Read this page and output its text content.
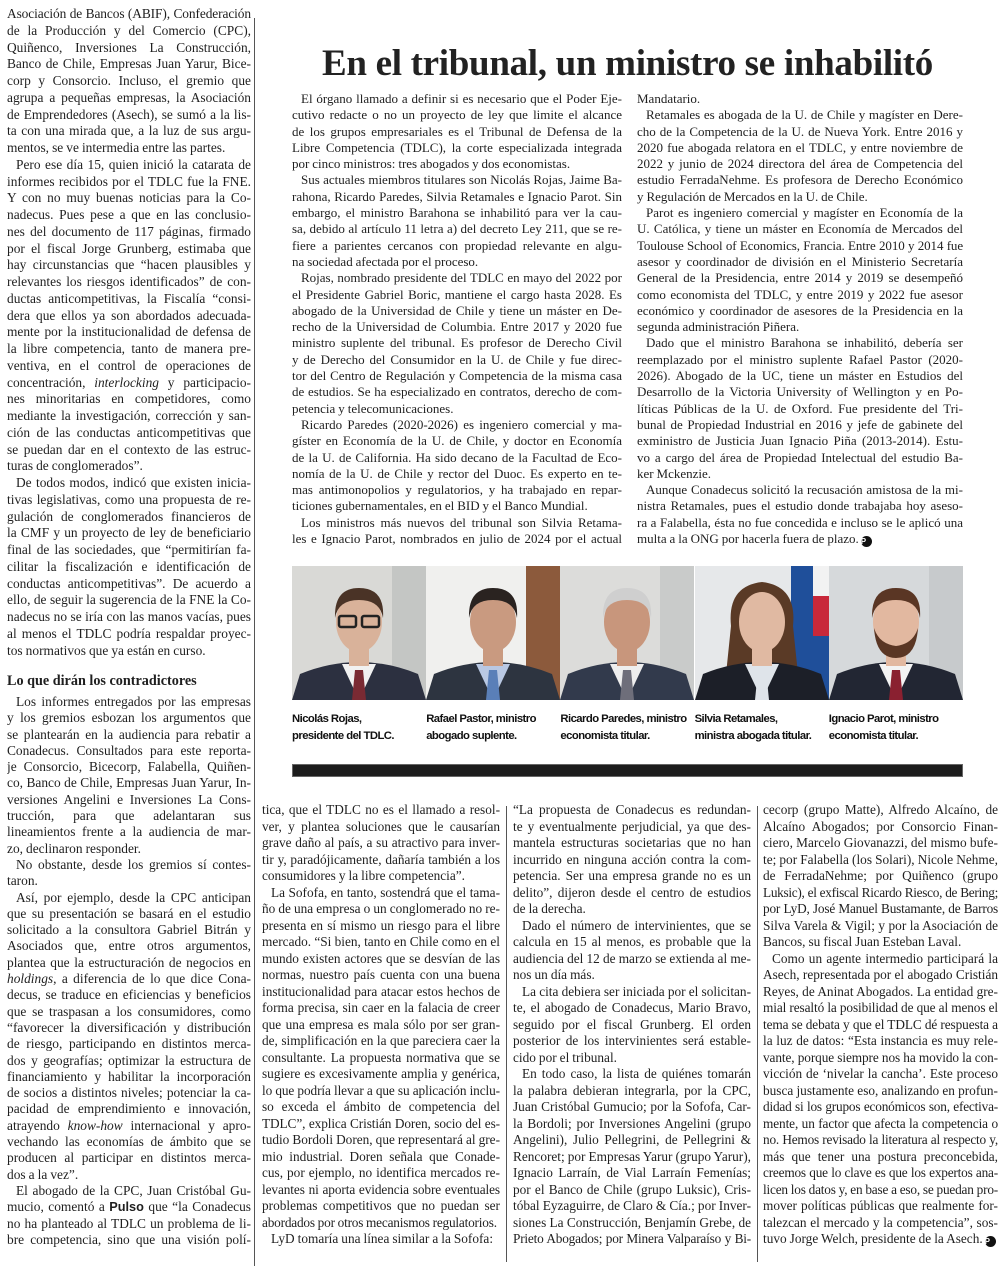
Asociación de Bancos (ABIF), Confederación
de la Producción y del Comercio (CPC),
Quiñenco, Inversiones La Construcción,
Banco de Chile, Empresas Juan Yarur, Bice-
corp y Consorcio. Incluso, el gremio que
agrupa a pequeñas empresas, la Asociación
de Emprendedores (Asech), se sumó a la lis-
ta con una mirada que, a la luz de sus argu-
mentos, se ve intermedia entre las partes.
Pero ese día 15, quien inició la catarata de
informes recibidos por el TDLC fue la FNE.
Y con no muy buenas noticias para la Co-
nadecus. Pues pese a que en las conclusio-
nes del documento de 117 páginas, firmado
por el fiscal Jorge Grunberg, estimaba que
hay circunstancias que “hacen plausibles y
relevantes los riesgos identificados” de con-
ductas anticompetitivas, la Fiscalía “consi-
dera que ellos ya son abordados adecuada-
mente por la institucionalidad de defensa de
la libre competencia, tanto de manera pre-
ventiva, en el control de operaciones de
concentración, interlocking y participacio-
nes minoritarias en competidores, como
mediante la investigación, corrección y san-
ción de las conductas anticompetitivas que
se puedan dar en el contexto de las estruc-
turas de conglomerados”.
De todos modos, indicó que existen inicia-
tivas legislativas, como una propuesta de re-
gulación de conglomerados financieros de
la CMF y un proyecto de ley de beneficiario
final de las sociedades, que “permitirían fa-
cilitar la fiscalización e identificación de
conductas anticompetitivas”. De acuerdo a
ello, de seguir la sugerencia de la FNE la Co-
nadecus no se iría con las manos vacías, pues
al menos el TDLC podría respaldar proyec-
tos normativos que ya están en curso.
Lo que dirán los contradictores
Los informes entregados por las empresas
y los gremios esbozan los argumentos que
se plantearán en la audiencia para rebatir a
Conadecus. Consultados para este reporta-
je Consorcio, Bicecorp, Falabella, Quiñen-
co, Banco de Chile, Empresas Juan Yarur, In-
versiones Angelini e Inversiones La Cons-
trucción, para que adelantaran sus
lineamientos frente a la audiencia de mar-
zo, declinaron responder.
No obstante, desde los gremios sí contes-
taron.
Así, por ejemplo, desde la CPC anticipan
que su presentación se basará en el estudio
solicitado a la consultora Gabriel Bitrán y
Asociados que, entre otros argumentos,
plantea que la estructuración de negocios en
holdings, a diferencia de lo que dice Cona-
decus, se traduce en eficiencias y beneficios
que se traspasan a los consumidores, como
“favorecer la diversificación y distribución
de riesgo, participando en distintos merca-
dos y geografías; optimizar la estructura de
financiamiento y habilitar la incorporación
de socios a distintos niveles; potenciar la ca-
pacidad de emprendimiento e innovación,
atrayendo know-how internacional y apro-
vechando las economías de ámbito que se
producen al participar en distintos merca-
dos a la vez”.
El abogado de la CPC, Juan Cristóbal Gu-
mucio, comentó a Pulso que “la Conadecus
no ha planteado al TDLC un problema de li-
bre competencia, sino que una visión polí-
En el tribunal, un ministro se inhabilitó
El órgano llamado a definir si es necesario que el Poder Eje-
cutivo redacte o no un proyecto de ley que limite el alcance
de los grupos empresariales es el Tribunal de Defensa de la
Libre Competencia (TDLC), la corte especializada integrada
por cinco ministros: tres abogados y dos economistas.
Sus actuales miembros titulares son Nicolás Rojas, Jaime Ba-
rahona, Ricardo Paredes, Silvia Retamales e Ignacio Parot. Sin
embargo, el ministro Barahona se inhabilitó para ver la cau-
sa, debido al artículo 11 letra a) del decreto Ley 211, que se re-
fiere a parientes cercanos con propiedad relevante en algu-
na sociedad afectada por el proceso.
Rojas, nombrado presidente del TDLC en mayo del 2022 por
el Presidente Gabriel Boric, mantiene el cargo hasta 2028. Es
abogado de la Universidad de Chile y tiene un máster en De-
recho de la Universidad de Columbia. Entre 2017 y 2020 fue
ministro suplente del tribunal. Es profesor de Derecho Civil
y de Derecho del Consumidor en la U. de Chile y fue direc-
tor del Centro de Regulación y Competencia de la misma casa
de estudios. Se ha especializado en contratos, derecho de com-
petencia y telecomunicaciones.
Ricardo Paredes (2020-2026) es ingeniero comercial y ma-
gíster en Economía de la U. de Chile, y doctor en Economía
de la U. de California. Ha sido decano de la Facultad de Eco-
nomía de la U. de Chile y rector del Duoc. Es experto en te-
mas antimonopolios y regulatorios, y ha trabajado en repar-
ticiones gubernamentales, en el BID y el Banco Mundial.
Los ministros más nuevos del tribunal son Silvia Retama-
les e Ignacio Parot, nombrados en julio de 2024 por el actual
Mandatario.
Retamales es abogada de la U. de Chile y magíster en Dere-
cho de la Competencia de la U. de Nueva York. Entre 2016 y
2020 fue abogada relatora en el TDLC, y entre noviembre de
2022 y junio de 2024 directora del área de Competencia del
estudio FerradaNehme. Es profesora de Derecho Económico
y Regulación de Mercados en la U. de Chile.
Parot es ingeniero comercial y magíster en Economía de la
U. Católica, y tiene un máster en Economía de Mercados del
Toulouse School of Economics, Francia. Entre 2010 y 2014 fue
asesor y coordinador de división en el Ministerio Secretaría
General de la Presidencia, entre 2014 y 2019 se desempeñó
como economista del TDLC, y entre 2019 y 2022 fue asesor
económico y coordinador de asesores de la Presidencia en la
segunda administración Piñera.
Dado que el ministro Barahona se inhabilitó, debería ser
reemplazado por el ministro suplente Rafael Pastor (2020-
2026). Abogado de la UC, tiene un máster en Estudios del
Desarrollo de la Victoria University of Wellington y en Po-
líticas Públicas de la U. de Oxford. Fue presidente del Tri-
bunal de Propiedad Industrial en 2016 y jefe de gabinete del
exministro de Justicia Juan Ignacio Piña (2013-2014). Estu-
vo a cargo del área de Propiedad Intelectual del estudio Ba-
ker Mckenzie.
Aunque Conadecus solicitó la recusación amistosa de la mi-
nistra Retamales, pues el estudio donde trabajaba hoy aseso-
ra a Falabella, ésta no fue concedida e incluso se le aplicó una
multa a la ONG por hacerla fuera de plazo. P
Nicolás Rojas,
presidente del TDLC.
Rafael Pastor, ministro
abogado suplente.
Ricardo Paredes, ministro
economista titular.
Silvia Retamales,
ministra abogada titular.
Ignacio Parot, ministro
economista titular.
tica, que el TDLC no es el llamado a resol-
ver, y plantea soluciones que le causarían
grave daño al país, a su atractivo para inver-
tir y, paradójicamente, dañaría también a los
consumidores y la libre competencia”.
La Sofofa, en tanto, sostendrá que el tama-
ño de una empresa o un conglomerado no re-
presenta en sí mismo un riesgo para el libre
mercado. “Si bien, tanto en Chile como en el
mundo existen actores que se desvían de las
normas, nuestro país cuenta con una buena
institucionalidad para atacar estos hechos de
forma precisa, sin caer en la falacia de creer
que una empresa es mala sólo por ser gran-
de, simplificación en la que pareciera caer la
consultante. La propuesta normativa que se
sugiere es excesivamente amplia y genérica,
lo que podría llevar a que su aplicación inclu-
so exceda el ámbito de competencia del
TDLC”, explica Cristián Doren, socio del es-
tudio Bordoli Doren, que representará al gre-
mio industrial. Doren señala que Conade-
cus, por ejemplo, no identifica mercados re-
levantes ni aporta evidencia sobre eventuales
problemas competitivos que no puedan ser
abordados por otros mecanismos regulatorios.
LyD tomaría una línea similar a la Sofofa:
“La propuesta de Conadecus es redundan-
te y eventualmente perjudicial, ya que des-
mantela estructuras societarias que no han
incurrido en ninguna acción contra la com-
petencia. Ser una empresa grande no es un
delito”, dijeron desde el centro de estudios
de la derecha.
Dado el número de intervinientes, que se
calcula en 15 al menos, es probable que la
audiencia del 12 de marzo se extienda al me-
nos un día más.
La cita debiera ser iniciada por el solicitan-
te, el abogado de Conadecus, Mario Bravo,
seguido por el fiscal Grunberg. El orden
posterior de los intervinientes será estable-
cido por el tribunal.
En todo caso, la lista de quiénes tomarán
la palabra debieran integrarla, por la CPC,
Juan Cristóbal Gumucio; por la Sofofa, Car-
la Bordoli; por Inversiones Angelini (grupo
Angelini), Julio Pellegrini, de Pellegrini &
Rencoret; por Empresas Yarur (grupo Yarur),
Ignacio Larraín, de Vial Larraín Femenías;
por el Banco de Chile (grupo Luksic), Cris-
tóbal Eyzaguirre, de Claro & Cía.; por Inver-
siones La Construcción, Benjamín Grebe, de
Prieto Abogados; por Minera Valparaíso y Bi-
cecorp (grupo Matte), Alfredo Alcaíno, de
Alcaíno Abogados; por Consorcio Finan-
ciero, Marcelo Giovanazzi, del mismo bufe-
te; por Falabella (los Solari), Nicole Nehme,
de FerradaNehme; por Quiñenco (grupo
Luksic), el exfiscal Ricardo Riesco, de Bering;
por LyD, José Manuel Bustamante, de Barros
Silva Varela & Vigil; y por la Asociación de
Bancos, su fiscal Juan Esteban Laval.
Como un agente intermedio participará la
Asech, representada por el abogado Cristián
Reyes, de Aninat Abogados. La entidad gre-
mial resaltó la posibilidad de que al menos el
tema se debata y que el TDLC dé respuesta a
la luz de datos: “Esta instancia es muy rele-
vante, porque siempre nos ha movido la con-
vicción de ‘nivelar la cancha’. Este proceso
busca justamente eso, analizando en profun-
didad si los grupos económicos son, efectiva-
mente, un factor que afecta la competencia o
no. Hemos revisado la literatura al respecto y,
más que tener una postura preconcebida,
creemos que lo clave es que los expertos ana-
licen los datos y, en base a eso, se puedan pro-
mover políticas públicas que realmente for-
talezcan el mercado y la competencia”, sos-
tuvo Jorge Welch, presidente de la Asech. P
